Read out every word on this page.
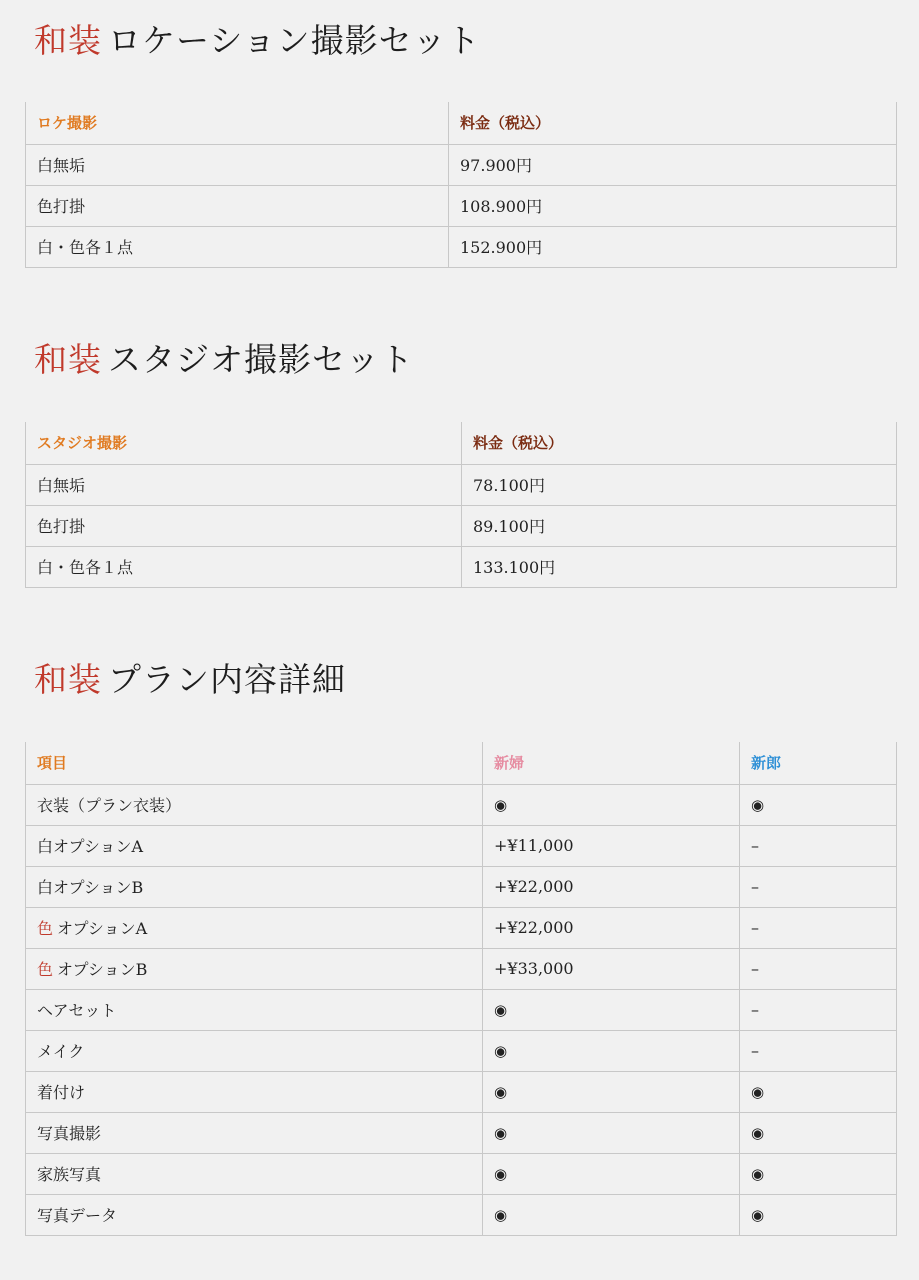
和装 ロケーション撮影セット
ロケ撮影	料金（税込）
白無垢	97.900円
色打掛	108.900円
白・色各１点	152.900円
和装 スタジオ撮影セット
スタジオ撮影	料金（税込）
白無垢	78.100円
色打掛	89.100円
白・色各１点	133.100円
和装 プラン内容詳細
項目	新婦	新郎
衣装（プラン衣装）	◉	◉
白オプションA	+¥11,000	–
白オプションB	+¥22,000	–
色 オプションA	+¥22,000	–
色 オプションB	+¥33,000	–
ヘアセット	◉	–
メイク	◉	–
着付け	◉	◉
写真撮影	◉	◉
家族写真	◉	◉
写真データ	◉	◉
